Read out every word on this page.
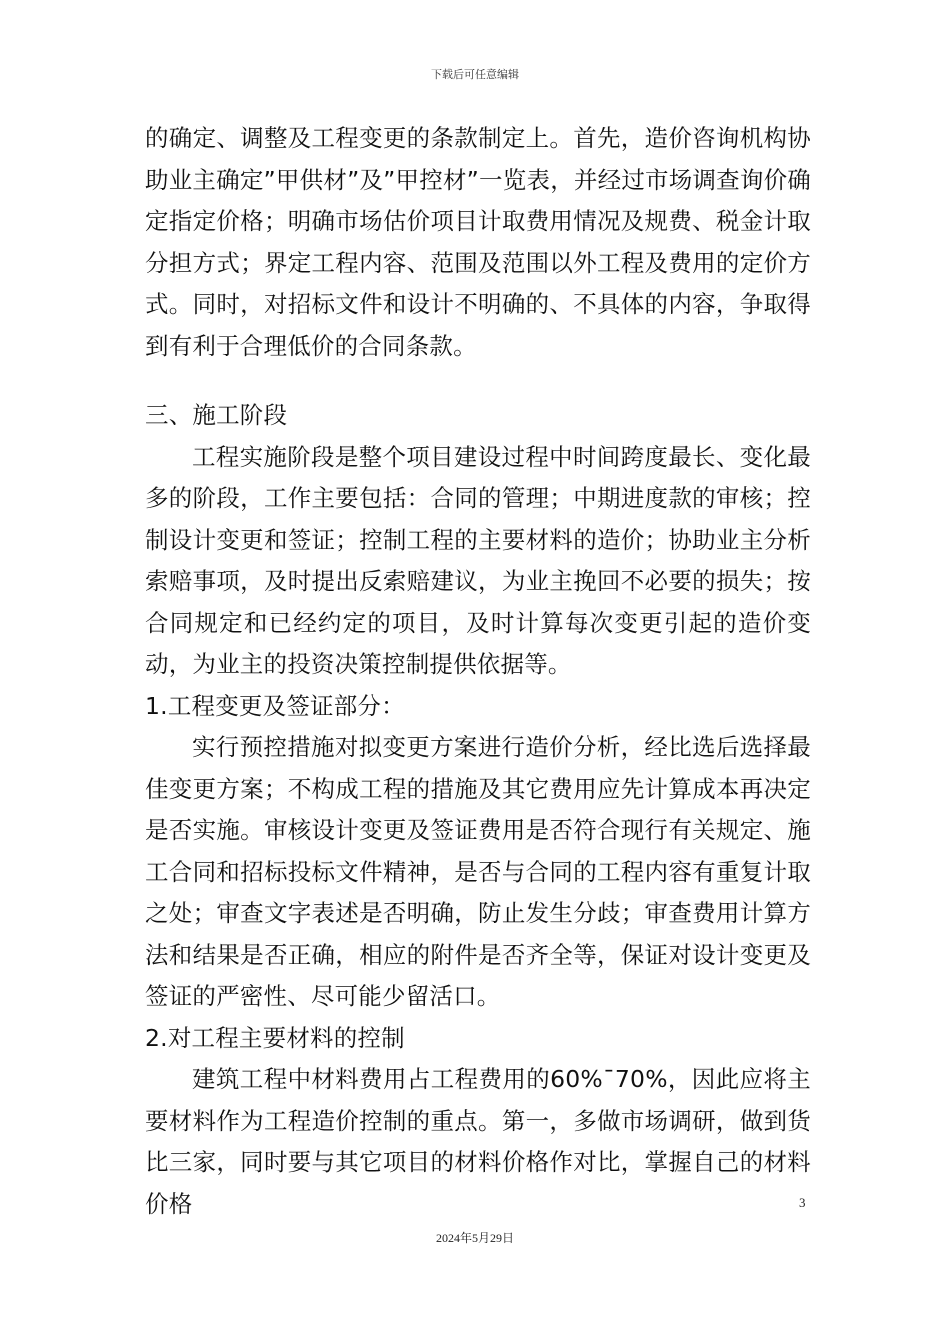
下载后可任意编辑

的确定、调整及工程变更的条款制定上。首先，造价咨询机构协助业主确定”甲供材”及”甲控材”一览表，并经过市场调查询价确定指定价格；明确市场估价项目计取费用情况及规费、税金计取分担方式；界定工程内容、范围及范围以外工程及费用的定价方式。同时，对招标文件和设计不明确的、不具体的内容，争取得到有利于合理低价的合同条款。

三、施工阶段

工程实施阶段是整个项目建设过程中时间跨度最长、变化最多的阶段，工作主要包括：合同的管理；中期进度款的审核；控制设计变更和签证；控制工程的主要材料的造价；协助业主分析索赔事项，及时提出反索赔建议，为业主挽回不必要的损失；按合同规定和已经约定的项目，及时计算每次变更引起的造价变动，为业主的投资决策控制提供依据等。

1.工程变更及签证部分：

实行预控措施对拟变更方案进行造价分析，经比选后选择最佳变更方案；不构成工程的措施及其它费用应先计算成本再决定是否实施。审核设计变更及签证费用是否符合现行有关规定、施工合同和招标投标文件精神，是否与合同的工程内容有重复计取之处；审查文字表述是否明确，防止发生分歧；审查费用计算方法和结果是否正确，相应的附件是否齐全等，保证对设计变更及签证的严密性、尽可能少留活口。

2.对工程主要材料的控制

建筑工程中材料费用占工程费用的60%¯70%，因此应将主要材料作为工程造价控制的重点。第一，多做市场调研，做到货比三家，同时要与其它项目的材料价格作对比，掌握自己的材料价格	3
2024年5月29日
